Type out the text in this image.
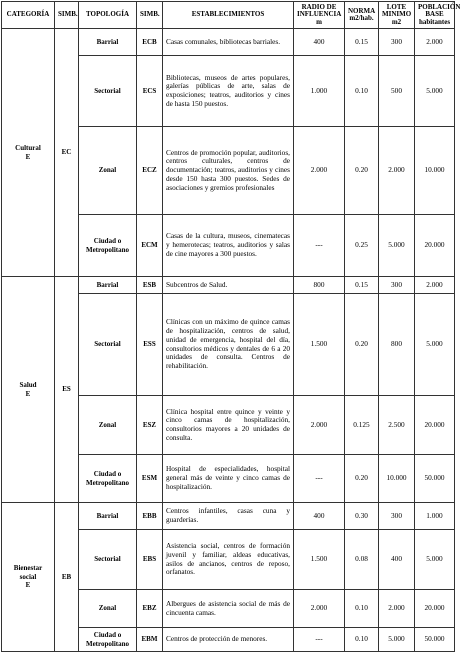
CATEGORÍA	SIMB.	TOPOLOGÍA	SIMB.	ESTABLECIMIENTOS	RADIO DE INFLUENCIA m	NORMA m2/hab.	LOTE MINIMO m2	POBLACIÓN BASE habitantes

Cultural
E	EC	Barrial	ECB	Casas comunales, bibliotecas barriales.	400	0.15	300	2.000
		Sectorial	ECS	Bibliotecas, museos de artes populares, galerías públicas de arte, salas de exposiciones; teatros, auditorios y cines de hasta 150 puestos.	1.000	0.10	500	5.000
		Zonal	ECZ	Centros de promoción popular, auditorios, centros culturales, centros de documentación; teatros, auditorios y cines desde 150 hasta 300 puestos. Sedes de asociaciones y gremios profesionales	2.000	0.20	2.000	10.000
		Ciudad o Metropolitano	ECM	Casas de la cultura, museos, cinematecas y hemerotecas; teatros, auditorios y salas de cine mayores a 300 puestos.	---	0.25	5.000	20.000

Salud
E	ES	Barrial	ESB	Subcentros de Salud.	800	0.15	300	2.000
		Sectorial	ESS	Clínicas con un máximo de quince camas de hospitalización, centros de salud, unidad de emergencia, hospital del día, consultorios médicos y dentales de 6 a 20 unidades de consulta. Centros de rehabilitación.	1.500	0.20	800	5.000
		Zonal	ESZ	Clínica hospital entre quince y veinte y cinco camas de hospitalización, consultorios mayores a 20 unidades de consulta.	2.000	0.125	2.500	20.000
		Ciudad o Metropolitano	ESM	Hospital de especialidades, hospital general más de veinte y cinco camas de hospitalización.	---	0.20	10.000	50.000

Bienestar social
E	EB	Barrial	EBB	Centros infantiles, casas cuna y guarderías.	400	0.30	300	1.000
		Sectorial	EBS	Asistencia social, centros de formación juvenil y familiar, aldeas educativas, asilos de ancianos, centros de reposo, orfanatos.	1.500	0.08	400	5.000
		Zonal	EBZ	Albergues de asistencia social de más de cincuenta camas.	2.000	0.10	2.000	20.000
		Ciudad o Metropolitano	EBM	Centros de protección de menores.	---	0.10	5.000	50.000
